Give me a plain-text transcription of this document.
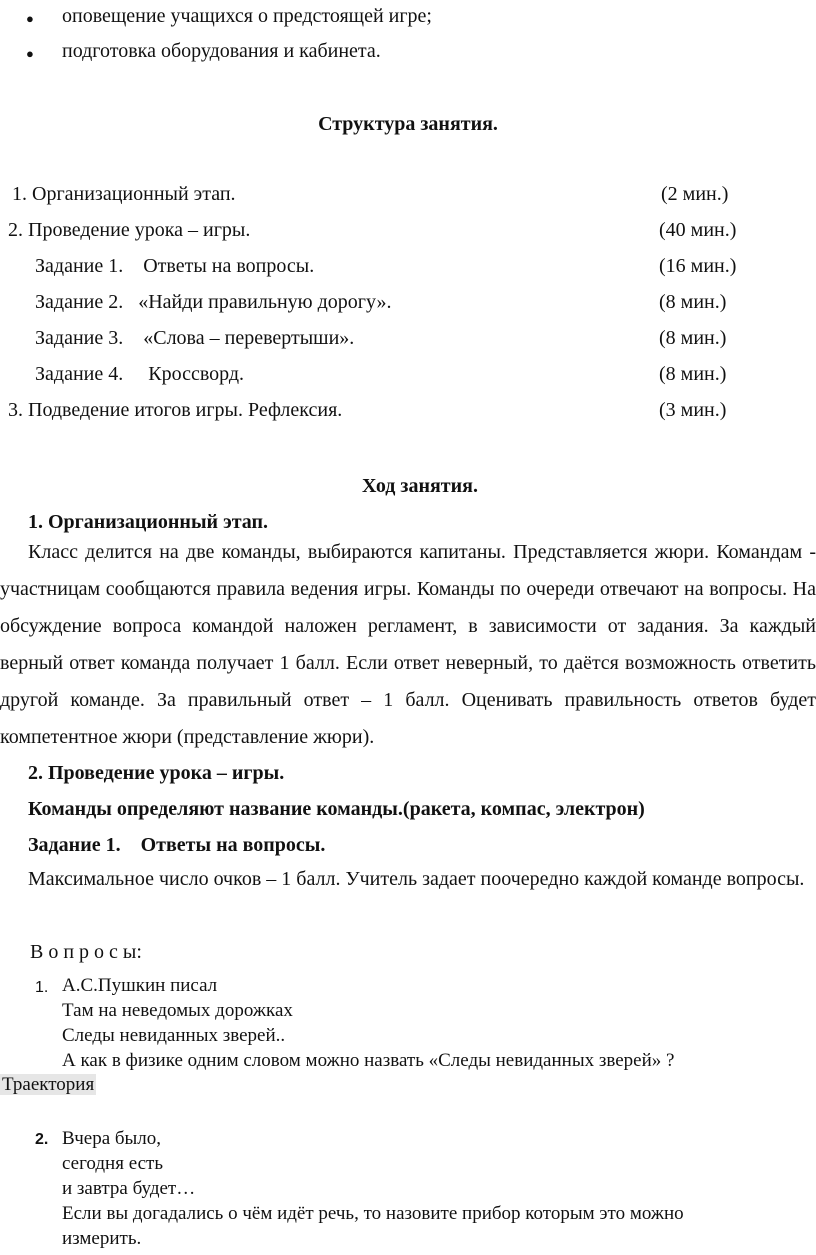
● оповещение учащихся о предстоящей игре;
● подготовка оборудования и кабинета.
Структура занятия.
1. Организационный этап.	(2 мин.)
2. Проведение урока – игры.	(40 мин.)
Задание 1.    Ответы на вопросы.	(16 мин.)
Задание 2.   «Найди правильную дорогу».	(8 мин.)
Задание 3.    «Слова – перевертыши».	(8 мин.)
Задание 4.     Кроссворд.	(8 мин.)
3. Подведение итогов игры. Рефлексия.	(3 мин.)
Ход занятия.
1. Организационный этап.
Класс делится на две команды, выбираются капитаны. Представляется жюри. Командам - участницам сообщаются правила ведения игры. Команды по очереди отвечают на вопросы. На обсуждение вопроса командой наложен регламент, в зависимости от задания. За каждый верный ответ команда получает 1 балл. Если ответ неверный, то даётся возможность ответить другой команде. За правильный ответ – 1 балл. Оценивать правильность ответов будет компетентное жюри (представление жюри).
2. Проведение урока – игры.
Команды определяют название команды.(ракета, компас, электрон)
Задание 1.    Ответы на вопросы.
Максимальное число очков – 1 балл. Учитель задает поочередно каждой команде вопросы.
В о п р о с ы:
1. А.С.Пушкин писал
Там на неведомых дорожках
Следы невиданных зверей..
А как в физике одним словом можно назвать «Следы невиданных зверей» ?
Траектория
2. Вчера было,
сегодня есть
и завтра будет…
Если вы догадались о чём идёт речь, то назовите прибор которым это можно
измерить.
